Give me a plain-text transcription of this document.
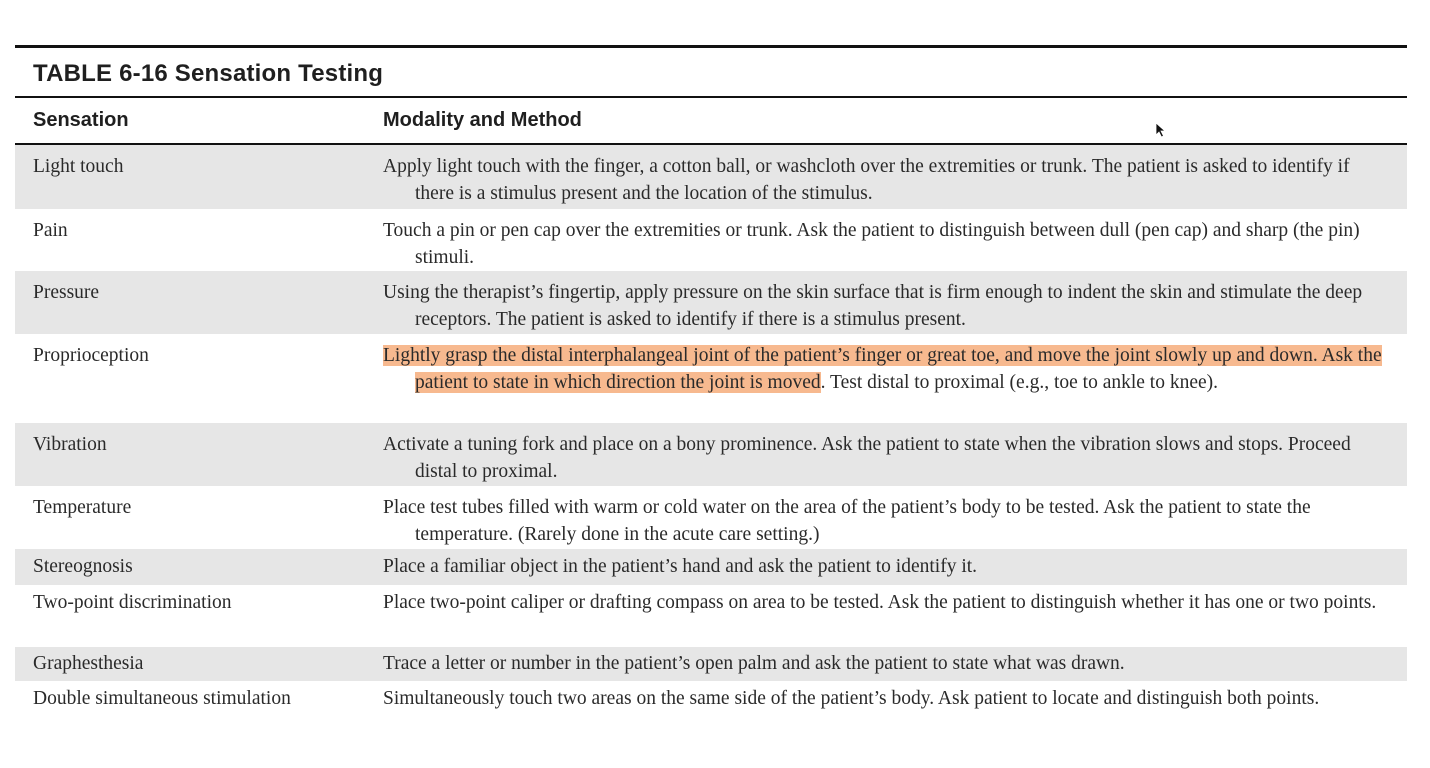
TABLE 6-16 Sensation Testing
Sensation	Modality and Method
Light touch	Apply light touch with the finger, a cotton ball, or washcloth over the extremities or trunk. The patient is asked to identify if there is a stimulus present and the location of the stimulus.
Pain	Touch a pin or pen cap over the extremities or trunk. Ask the patient to distinguish between dull (pen cap) and sharp (the pin) stimuli.
Pressure	Using the therapist’s fingertip, apply pressure on the skin surface that is firm enough to indent the skin and stimulate the deep receptors. The patient is asked to identify if there is a stimulus present.
Proprioception	Lightly grasp the distal interphalangeal joint of the patient’s finger or great toe, and move the joint slowly up and down. Ask the patient to state in which direction the joint is moved. Test distal to proximal (e.g., toe to ankle to knee).
Vibration	Activate a tuning fork and place on a bony prominence. Ask the patient to state when the vibration slows and stops. Proceed distal to proximal.
Temperature	Place test tubes filled with warm or cold water on the area of the patient’s body to be tested. Ask the patient to state the temperature. (Rarely done in the acute care setting.)
Stereognosis	Place a familiar object in the patient’s hand and ask the patient to identify it.
Two-point discrimination	Place two-point caliper or drafting compass on area to be tested. Ask the patient to distinguish whether it has one or two points.
Graphesthesia	Trace a letter or number in the patient’s open palm and ask the patient to state what was drawn.
Double simultaneous stimulation	Simultaneously touch two areas on the same side of the patient’s body. Ask patient to locate and distinguish both points.
